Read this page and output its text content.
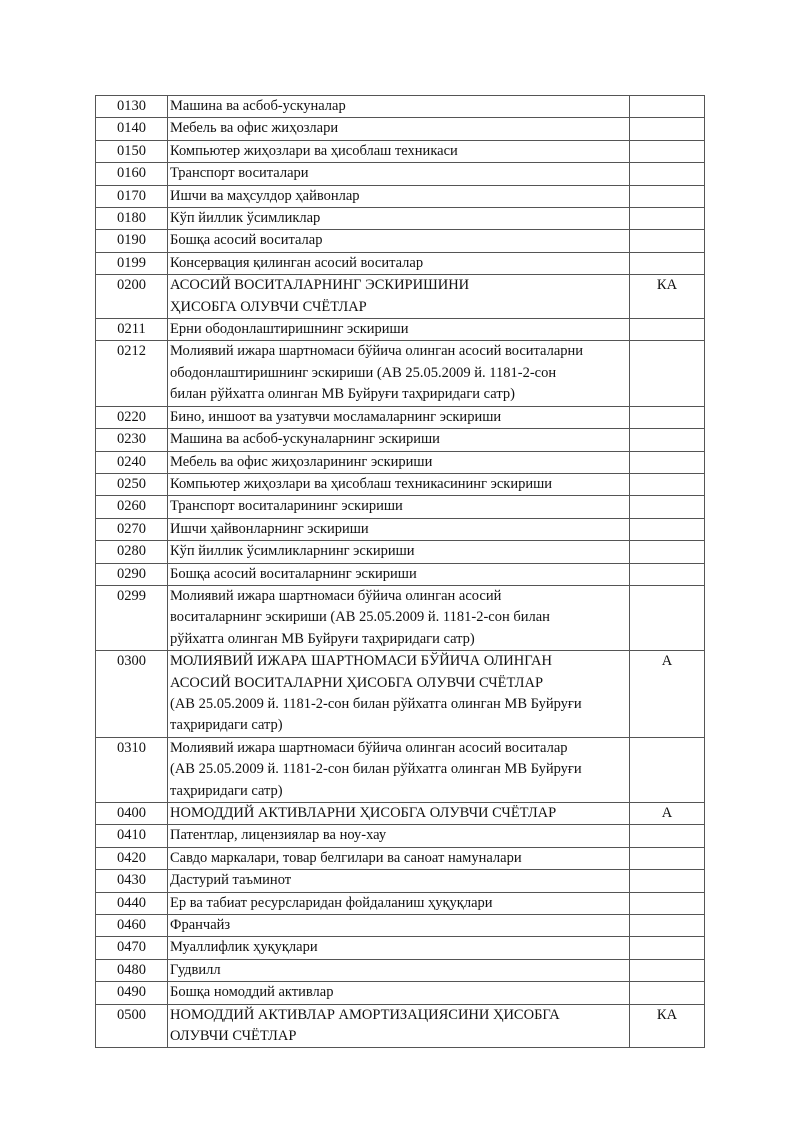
0130	Машина ва асбоб-ускуналар	

0140	Мебель ва офис жиҳозлари	

0150	Компьютер жиҳозлари ва ҳисоблаш техникаси	

0160	Транспорт воситалари	

0170	Ишчи ва маҳсулдор ҳайвонлар	

0180	Кўп йиллик ўсимликлар	

0190	Бошқа асосий воситалар	

0199	Консервация қилинган асосий воситалар	

0200	АСОСИЙ ВОСИТАЛАРНИНГ ЭСКИРИШИНИ
ҲИСОБГА ОЛУВЧИ СЧЁТЛАР	КА
0211	Ерни ободонлаштиришнинг эскириши	

0212	Молиявий ижара шартномаси бўйича олинган асосий воситаларни
ободонлаштиришнинг эскириши (АВ 25.05.2009 й. 1181-2-сон
билан рўйхатга олинган МВ Буйруғи таҳриридаги сатр)	

0220	Бино, иншоот ва узатувчи мосламаларнинг эскириши	

0230	Машина ва асбоб-ускуналарнинг эскириши	

0240	Мебель ва офис жиҳозларининг эскириши	

0250	Компьютер жиҳозлари ва ҳисоблаш техникасининг эскириши	

0260	Транспорт воситаларининг эскириши	

0270	Ишчи ҳайвонларнинг эскириши	

0280	Кўп йиллик ўсимликларнинг эскириши	

0290	Бошқа асосий воситаларнинг эскириши	

0299	Молиявий ижара шартномаси бўйича олинган асосий
воситаларнинг эскириши (АВ 25.05.2009 й. 1181-2-сон билан
рўйхатга олинган МВ Буйруғи таҳриридаги сатр)	

0300	МОЛИЯВИЙ ИЖАРА ШАРТНОМАСИ БЎЙИЧА ОЛИНГАН
АСОСИЙ ВОСИТАЛАРНИ ҲИСОБГА ОЛУВЧИ СЧЁТЛАР
(АВ 25.05.2009 й. 1181-2-сон билан рўйхатга олинган МВ Буйруғи
таҳриридаги сатр)	А
0310	Молиявий ижара шартномаси бўйича олинган асосий воситалар
(АВ 25.05.2009 й. 1181-2-сон билан рўйхатга олинган МВ Буйруғи
таҳриридаги сатр)	

0400	НОМОДДИЙ АКТИВЛАРНИ ҲИСОБГА ОЛУВЧИ СЧЁТЛАР	А
0410	Патентлар, лицензиялар ва ноу-хау	

0420	Савдо маркалари, товар белгилари ва саноат намуналари	

0430	Дастурий таъминот	

0440	Ер ва табиат ресурсларидан фойдаланиш ҳуқуқлари	

0460	Франчайз	

0470	Муаллифлик ҳуқуқлари	

0480	Гудвилл	

0490	Бошқа номоддий активлар	

0500	НОМОДДИЙ АКТИВЛАР АМОРТИЗАЦИЯСИНИ ҲИСОБГА
ОЛУВЧИ СЧЁТЛАР	КА
